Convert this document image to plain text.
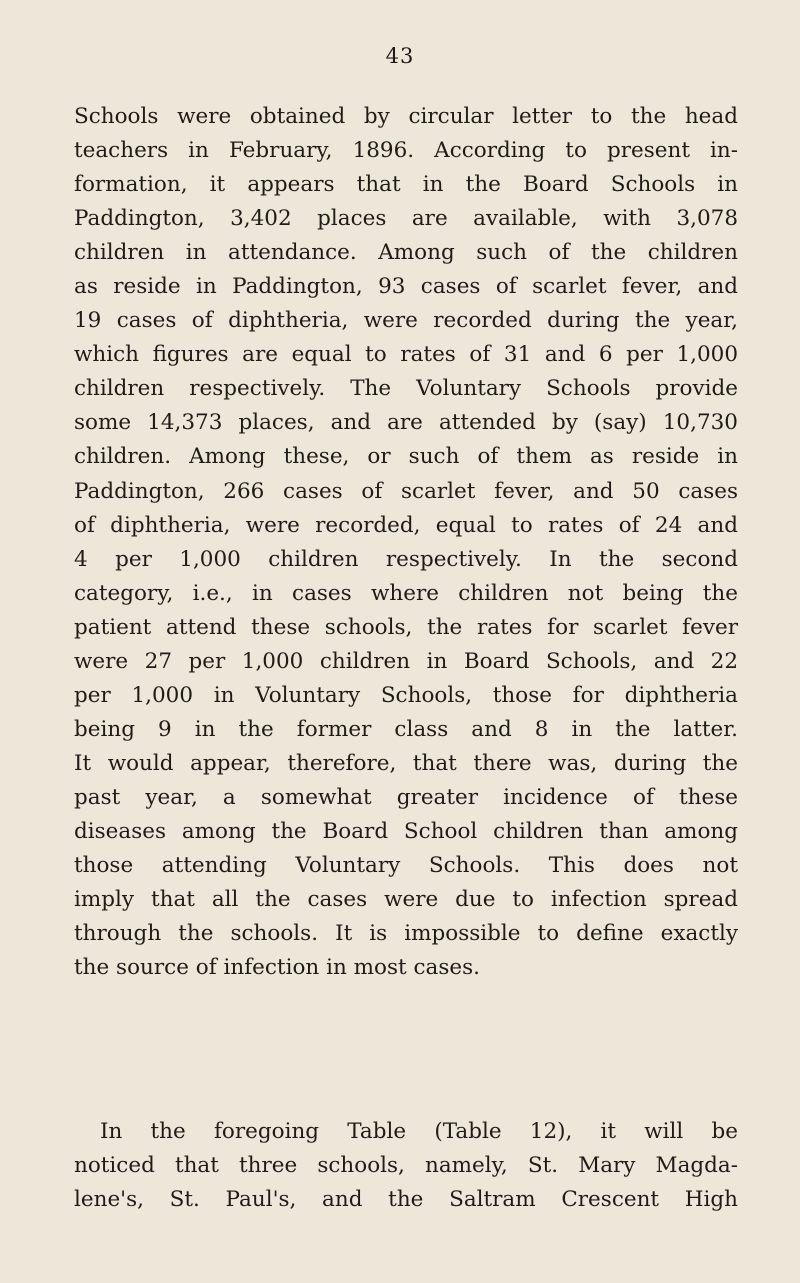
43
Schools were obtained by circular letter to the head
teachers in February, 1896. According to present in-
formation, it appears that in the Board Schools in
Paddington, 3,402 places are available, with 3,078
children in attendance. Among such of the children
as reside in Paddington, 93 cases of scarlet fever, and
19 cases of diphtheria, were recorded during the year,
which figures are equal to rates of 31 and 6 per 1,000
children respectively. The Voluntary Schools provide
some 14,373 places, and are attended by (say) 10,730
children. Among these, or such of them as reside in
Paddington, 266 cases of scarlet fever, and 50 cases
of diphtheria, were recorded, equal to rates of 24 and
4 per 1,000 children respectively. In the second
category, i.e., in cases where children not being the
patient attend these schools, the rates for scarlet fever
were 27 per 1,000 children in Board Schools, and 22
per 1,000 in Voluntary Schools, those for diphtheria
being 9 in the former class and 8 in the latter.
It would appear, therefore, that there was, during the
past year, a somewhat greater incidence of these
diseases among the Board School children than among
those attending Voluntary Schools. This does not
imply that all the cases were due to infection spread
through the schools. It is impossible to define exactly
the source of infection in most cases.
In the foregoing Table (Table 12), it will be
noticed that three schools, namely, St. Mary Magda-
lene's, St. Paul's, and the Saltram Crescent High
